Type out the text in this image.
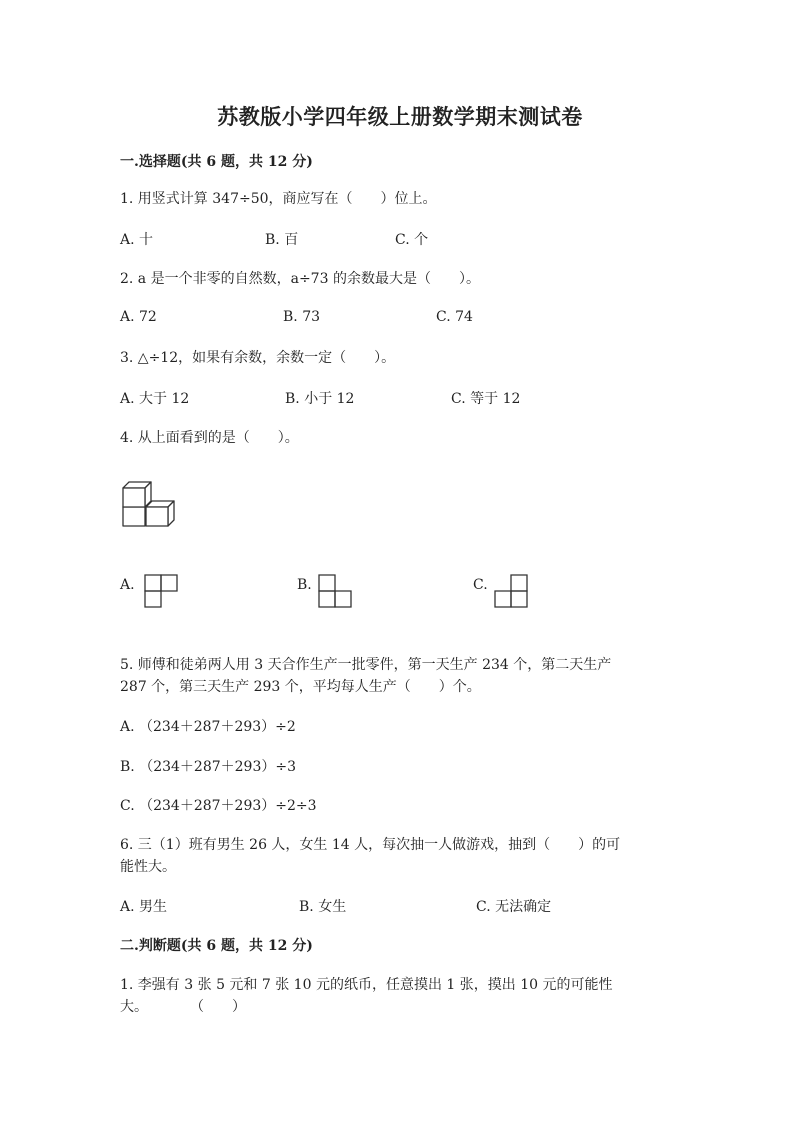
苏教版小学四年级上册数学期末测试卷
一.选择题(共 6 题，共 12 分)
1. 用竖式计算 347÷50，商应写在（　　）位上。
A. 十	B. 百	C. 个
2. a 是一个非零的自然数，a÷73 的余数最大是（　　）。
A. 72	B. 73	C. 74
3. △÷12，如果有余数，余数一定（　　）。
A. 大于 12	B. 小于 12	C. 等于 12
4. 从上面看到的是（　　）。
A.	B.	C.
5. 师傅和徒弟两人用 3 天合作生产一批零件，第一天生产 234 个，第二天生产
287 个，第三天生产 293 个，平均每人生产（　　）个。
A. （234＋287＋293）÷2
B. （234＋287＋293）÷3
C. （234＋287＋293）÷2÷3
6. 三（1）班有男生 26 人，女生 14 人，每次抽一人做游戏，抽到（　　）的可
能性大。
A. 男生	B. 女生	C. 无法确定
二.判断题(共 6 题，共 12 分)
1. 李强有 3 张 5 元和 7 张 10 元的纸币，任意摸出 1 张，摸出 10 元的可能性
大。　　　　（　　）
